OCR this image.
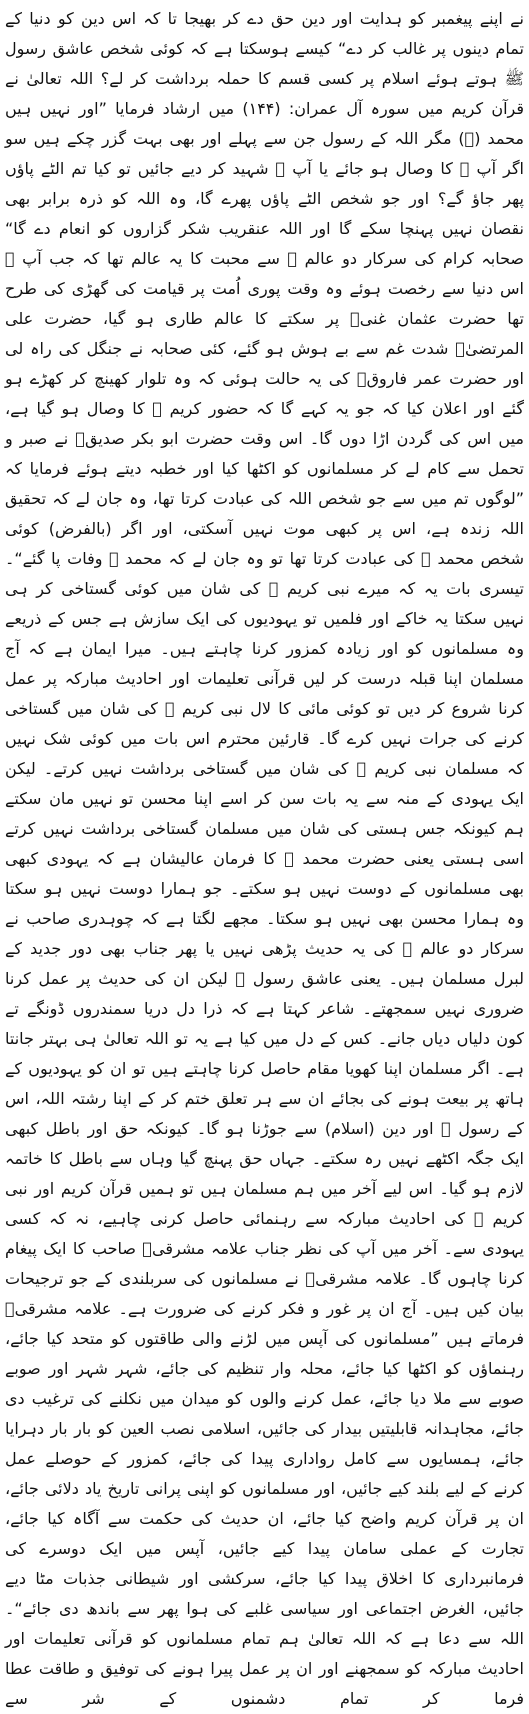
نے اپنے پیغمبر کو ہدایت اور دین حق دے کر بھیجا تا کہ اس دین کو دنیا کے تمام دینوں پر غالب کر دے“ کیسے ہوسکتا ہے کہ کوئی شخص عاشق رسول ﷺ ہوتے ہوئے اسلام پر کسی قسم کا حملہ برداشت کر لے؟ اللہ تعالیٰ نے قرآن کریم میں سورہ آل عمران: (۱۴۴) میں ارشاد فرمایا ”اور نہیں ہیں محمد (ﷺ) مگر اللہ کے رسول جن سے پہلے اور بھی بہت گزر چکے ہیں سو اگر آپ ﷺ کا وصال ہو جائے یا آپ ﷺ شہید کر دیے جائیں تو کیا تم الٹے پاؤں پھر جاؤ گے؟ اور جو شخص الٹے پاؤں پھرے گا، وہ اللہ کو ذرہ برابر بھی نقصان نہیں پہنچا سکے گا اور اللہ عنقریب شکر گزاروں کو انعام دے گا“ صحابہ کرام کی سرکار دو عالم ﷺ سے محبت کا یہ عالم تھا کہ جب آپ ﷺ اس دنیا سے رخصت ہوئے وہ وقت پوری اُمت پر قیامت کی گھڑی کی طرح تھا حضرت عثمان غنیؓ پر سکتے کا عالم طاری ہو گیا، حضرت علی المرتضیٰؓ شدت غم سے بے ہوش ہو گئے، کئی صحابہ نے جنگل کی راہ لی اور حضرت عمر فاروقؓ کی یہ حالت ہوئی کہ وہ تلوار کھینچ کر کھڑے ہو گئے اور اعلان کیا کہ جو یہ کہے گا کہ حضور کریم ﷺ کا وصال ہو گیا ہے، میں اس کی گردن اڑا دوں گا۔ اس وقت حضرت ابو بکر صدیقؓ نے صبر و تحمل سے کام لے کر مسلمانوں کو اکٹھا کیا اور خطبہ دیتے ہوئے فرمایا کہ ”لوگوں تم میں سے جو شخص اللہ کی عبادت کرتا تھا، وہ جان لے کہ تحقیق اللہ زندہ ہے، اس پر کبھی موت نہیں آسکتی، اور اگر (بالفرض) کوئی شخص محمد ﷺ کی عبادت کرتا تھا تو وہ جان لے کہ محمد ﷺ وفات پا گئے“۔ تیسری بات یہ کہ میرے نبی کریم ﷺ کی شان میں کوئی گستاخی کر ہی نہیں سکتا یہ خاکے اور فلمیں تو یہودیوں کی ایک سازش ہے جس کے ذریعے وہ مسلمانوں کو اور زیادہ کمزور کرنا چاہتے ہیں۔ میرا ایمان ہے کہ آج مسلمان اپنا قبلہ درست کر لیں قرآنی تعلیمات اور احادیث مبارکہ پر عمل کرنا شروع کر دیں تو کوئی مائی کا لال نبی کریم ﷺ کی شان میں گستاخی کرنے کی جرات نہیں کرے گا۔ قارئین محترم اس بات میں کوئی شک نہیں کہ مسلمان نبی کریم ﷺ کی شان میں گستاخی برداشت نہیں کرتے۔ لیکن ایک یہودی کے منہ سے یہ بات سن کر اسے اپنا محسن تو نہیں مان سکتے ہم کیونکہ جس ہستی کی شان میں مسلمان گستاخی برداشت نہیں کرتے اسی ہستی یعنی حضرت محمد ﷺ کا فرمان عالیشان ہے کہ یہودی کبھی بھی مسلمانوں کے دوست نہیں ہو سکتے۔ جو ہمارا دوست نہیں ہو سکتا وہ ہمارا محسن بھی نہیں ہو سکتا۔ مجھے لگتا ہے کہ چوہدری صاحب نے سرکار دو عالم ﷺ کی یہ حدیث پڑھی نہیں یا پھر جناب بھی دور جدید کے لبرل مسلمان ہیں۔ یعنی عاشق رسول ﷺ لیکن ان کی حدیث پر عمل کرنا ضروری نہیں سمجھتے۔ شاعر کہتا ہے کہ ذرا دل دریا سمندروں ڈونگے تے کون دلیاں دیاں جانے۔ کس کے دل میں کیا ہے یہ تو اللہ تعالیٰ ہی بہتر جانتا ہے۔ اگر مسلمان اپنا کھویا مقام حاصل کرنا چاہتے ہیں تو ان کو یہودیوں کے ہاتھ پر بیعت ہونے کی بجائے ان سے ہر تعلق ختم کر کے اپنا رشتہ اللہ، اس کے رسول ﷺ اور دین (اسلام) سے جوڑنا ہو گا۔ کیونکہ حق اور باطل کبھی ایک جگہ اکٹھے نہیں رہ سکتے۔ جہاں حق پہنچ گیا وہاں سے باطل کا خاتمہ لازم ہو گیا۔ اس لیے آخر میں ہم مسلمان ہیں تو ہمیں قرآن کریم اور نبی کریم ﷺ کی احادیث مبارکہ سے رہنمائی حاصل کرنی چاہیے، نہ کہ کسی یہودی سے۔ آخر میں آپ کی نظر جناب علامہ مشرقیؒ صاحب کا ایک پیغام کرنا چاہوں گا۔ علامہ مشرقیؒ نے مسلمانوں کی سربلندی کے جو ترجیحات بیان کیں ہیں۔ آج ان پر غور و فکر کرنے کی ضرورت ہے۔ علامہ مشرقیؒ فرماتے ہیں ”مسلمانوں کی آپس میں لڑنے والی طاقتوں کو متحد کیا جائے، رہنماؤں کو اکٹھا کیا جائے، محلہ وار تنظیم کی جائے، شہر شہر اور صوبے صوبے سے ملا دیا جائے، عمل کرنے والوں کو میدان میں نکلنے کی ترغیب دی جائے، مجاہدانہ قابلیتیں بیدار کی جائیں، اسلامی نصب العین کو بار بار دہرایا جائے، ہمسایوں سے کامل رواداری پیدا کی جائے، کمزور کے حوصلے عمل کرنے کے لیے بلند کیے جائیں، اور مسلمانوں کو اپنی پرانی تاریخ یاد دلائی جائے، ان پر قرآن کریم واضح کیا جائے، ان حدیث کی حکمت سے آگاہ کیا جائے، تجارت کے عملی سامان پیدا کیے جائیں، آپس میں ایک دوسرے کی فرمانبرداری کا اخلاق پیدا کیا جائے، سرکشی اور شیطانی جذبات مٹا دیے جائیں، الغرض اجتماعی اور سیاسی غلبے کی ہوا پھر سے باندھ دی جائے“۔ اللہ سے دعا ہے کہ اللہ تعالیٰ ہم تمام مسلمانوں کو قرآنی تعلیمات اور احادیث مبارکہ کو سمجھنے اور ان پر عمل پیرا ہونے کی توفیق و طاقت عطا فرما کر تمام دشمنوں کے شر سے
